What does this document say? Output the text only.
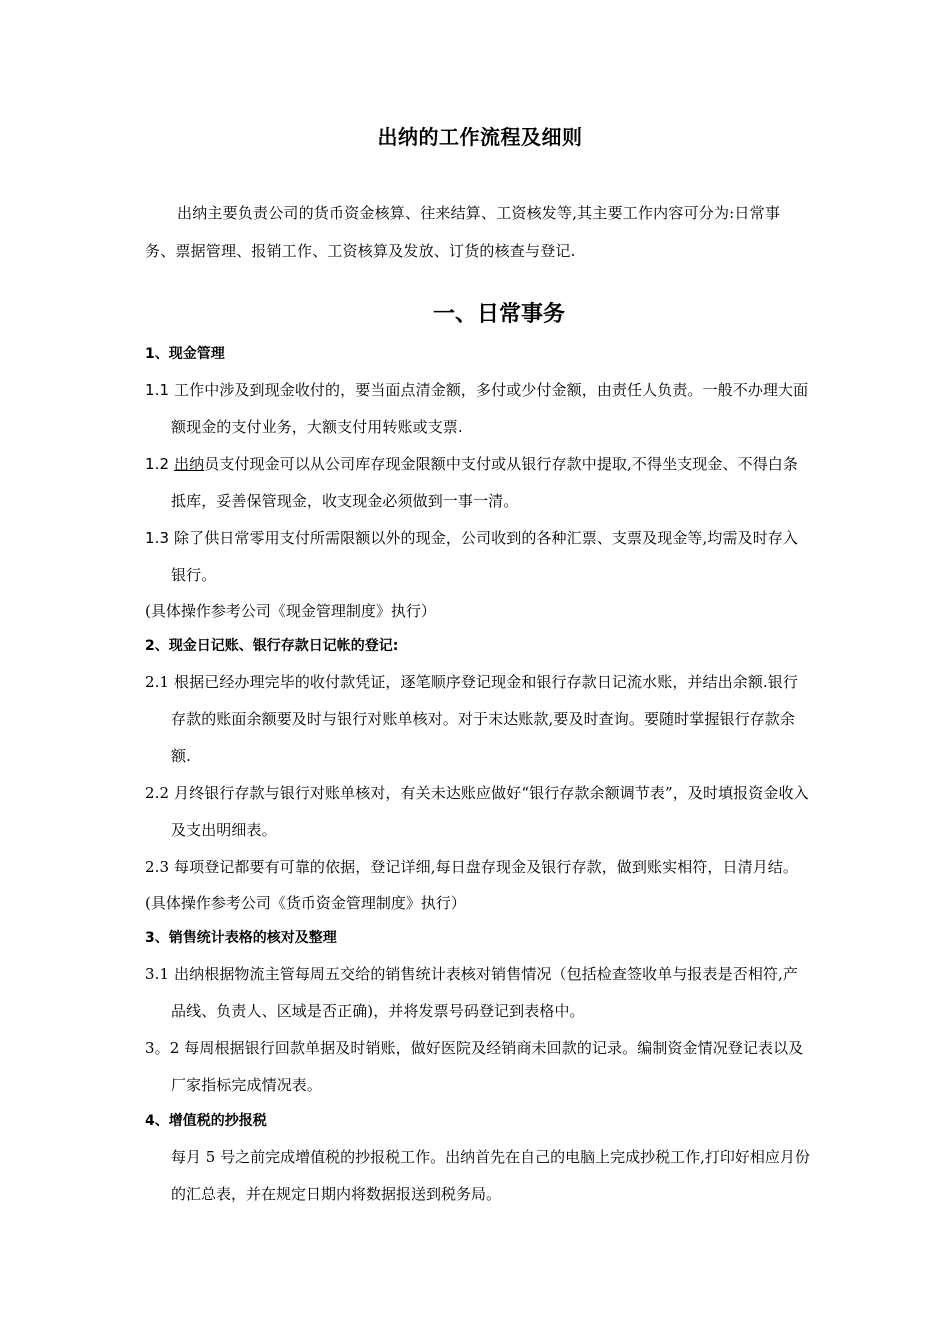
出纳的工作流程及细则
出纳主要负责公司的货币资金核算、往来结算、工资核发等,其主要工作内容可分为:日常事务、票据管理、报销工作、工资核算及发放、订货的核查与登记.
一、日常事务
1、现金管理
1.1 工作中涉及到现金收付的，要当面点清金额，多付或少付金额，由责任人负责。一般不办理大面额现金的支付业务，大额支付用转账或支票.
1.2 出纳员支付现金可以从公司库存现金限额中支付或从银行存款中提取,不得坐支现金、不得白条抵库，妥善保管现金，收支现金必须做到一事一清。
1.3 除了供日常零用支付所需限额以外的现金，公司收到的各种汇票、支票及现金等,均需及时存入银行。
(具体操作参考公司《现金管理制度》执行）
2、现金日记账、银行存款日记帐的登记:
2.1 根据已经办理完毕的收付款凭证，逐笔顺序登记现金和银行存款日记流水账，并结出余额.银行存款的账面余额要及时与银行对账单核对。对于末达账款,要及时查询。要随时掌握银行存款余额.
2.2 月终银行存款与银行对账单核对，有关未达账应做好“银行存款余额调节表”，及时填报资金收入及支出明细表。
2.3 每项登记都要有可靠的依据，登记详细,每日盘存现金及银行存款，做到账实相符，日清月结。
(具体操作参考公司《货币资金管理制度》执行）
3、销售统计表格的核对及整理
3.1 出纳根据物流主管每周五交给的销售统计表核对销售情况（包括检查签收单与报表是否相符,产品线、负责人、区域是否正确)，并将发票号码登记到表格中。
3。2 每周根据银行回款单据及时销账，做好医院及经销商未回款的记录。编制资金情况登记表以及厂家指标完成情况表。
4、增值税的抄报税
每月 5 号之前完成增值税的抄报税工作。出纳首先在自己的电脑上完成抄税工作,打印好相应月份的汇总表，并在规定日期内将数据报送到税务局。
